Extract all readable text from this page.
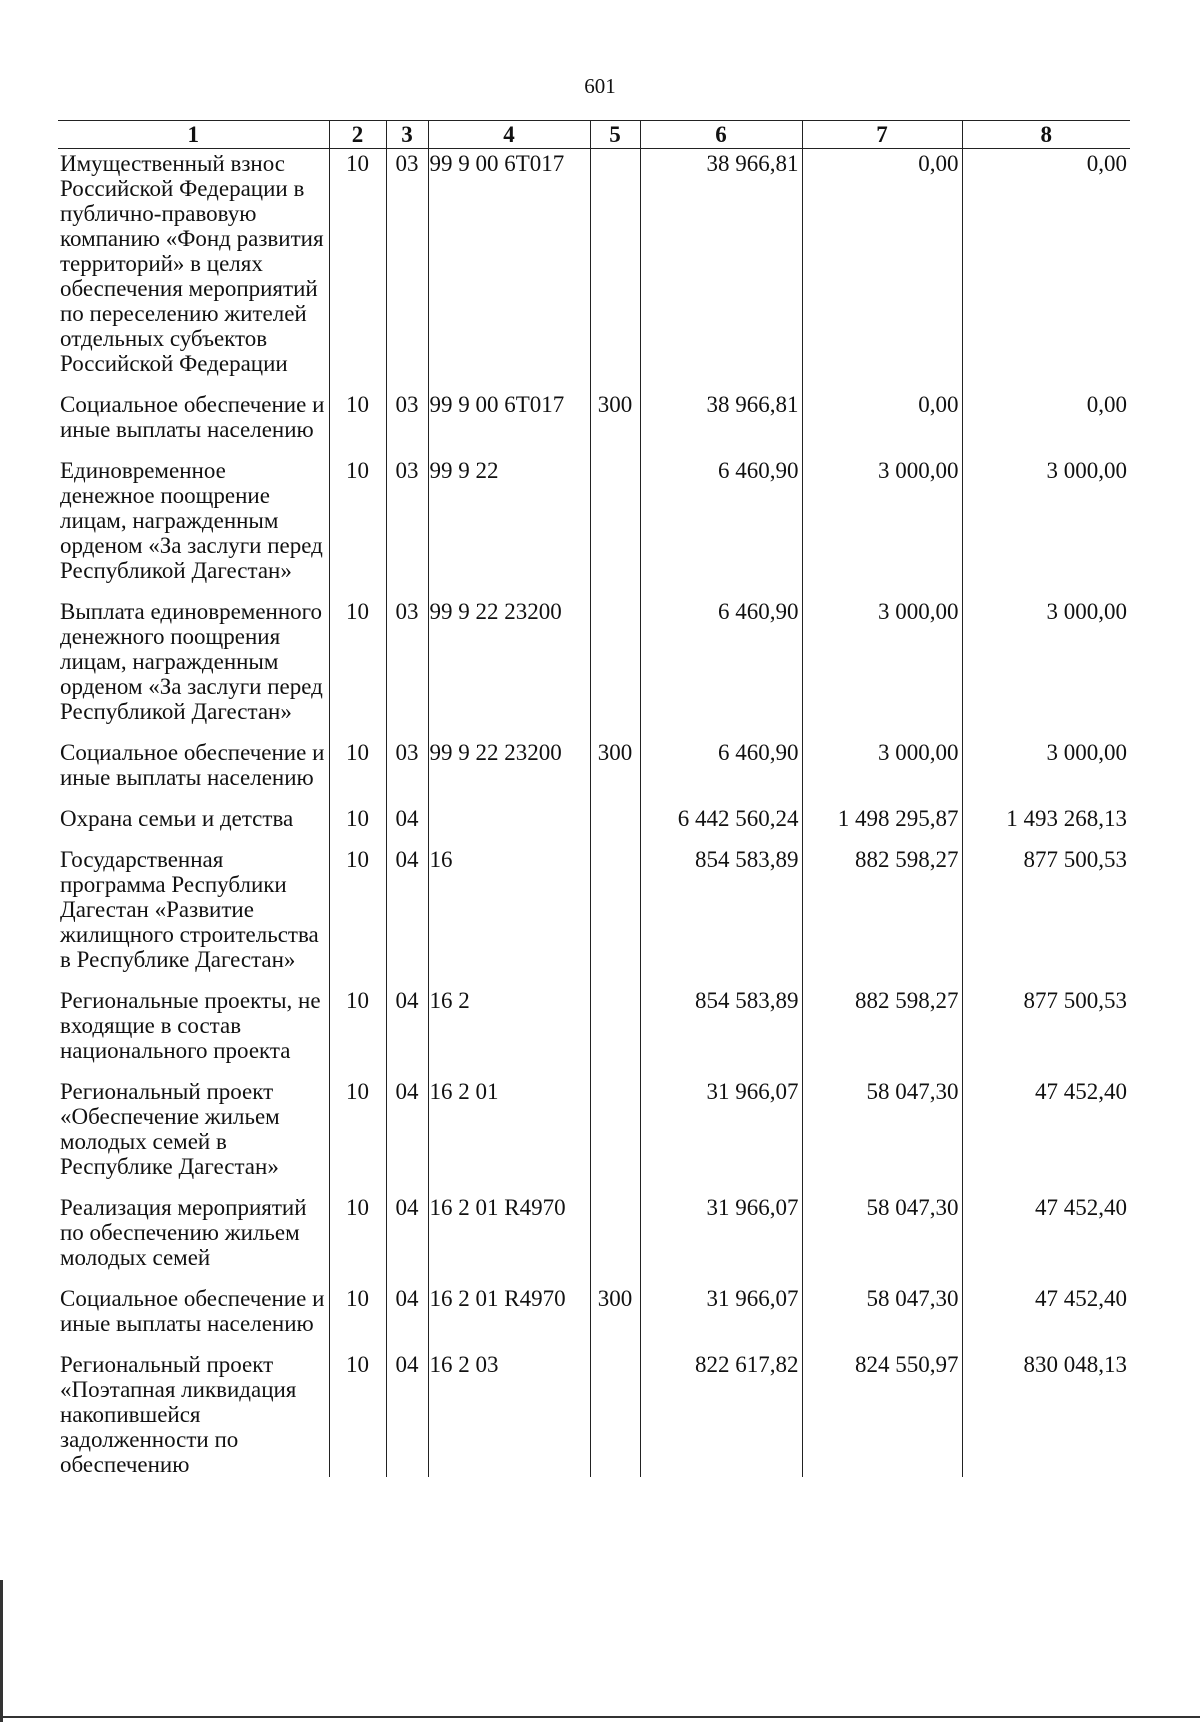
601
1	2	3	4	5	6	7	8
Имущественный взнос Российской Федерации в публично-правовую компанию «Фонд развития территорий» в целях обеспечения мероприятий по переселению жителей отдельных субъектов Российской Федерации	10	03	99 9 00 6Т017		38 966,81	0,00	0,00
Социальное обеспечение и иные выплаты населению	10	03	99 9 00 6Т017	300	38 966,81	0,00	0,00
Единовременное денежное поощрение лицам, награжденным орденом «За заслуги перед Республикой Дагестан»	10	03	99 9 22		6 460,90	3 000,00	3 000,00
Выплата единовременного денежного поощрения лицам, награжденным орденом «За заслуги перед Республикой Дагестан»	10	03	99 9 22 23200		6 460,90	3 000,00	3 000,00
Социальное обеспечение и иные выплаты населению	10	03	99 9 22 23200	300	6 460,90	3 000,00	3 000,00
Охрана семьи и детства	10	04			6 442 560,24	1 498 295,87	1 493 268,13
Государственная программа Республики Дагестан «Развитие жилищного строительства в Республике Дагестан»	10	04	16		854 583,89	882 598,27	877 500,53
Региональные проекты, не входящие в состав национального проекта	10	04	16 2		854 583,89	882 598,27	877 500,53
Региональный проект «Обеспечение жильем молодых семей в Республике Дагестан»	10	04	16 2 01		31 966,07	58 047,30	47 452,40
Реализация мероприятий по обеспечению жильем молодых семей	10	04	16 2 01 R4970		31 966,07	58 047,30	47 452,40
Социальное обеспечение и иные выплаты населению	10	04	16 2 01 R4970	300	31 966,07	58 047,30	47 452,40
Региональный проект «Поэтапная ликвидация накопившейся задолженности по обеспечению	10	04	16 2 03		822 617,82	824 550,97	830 048,13
